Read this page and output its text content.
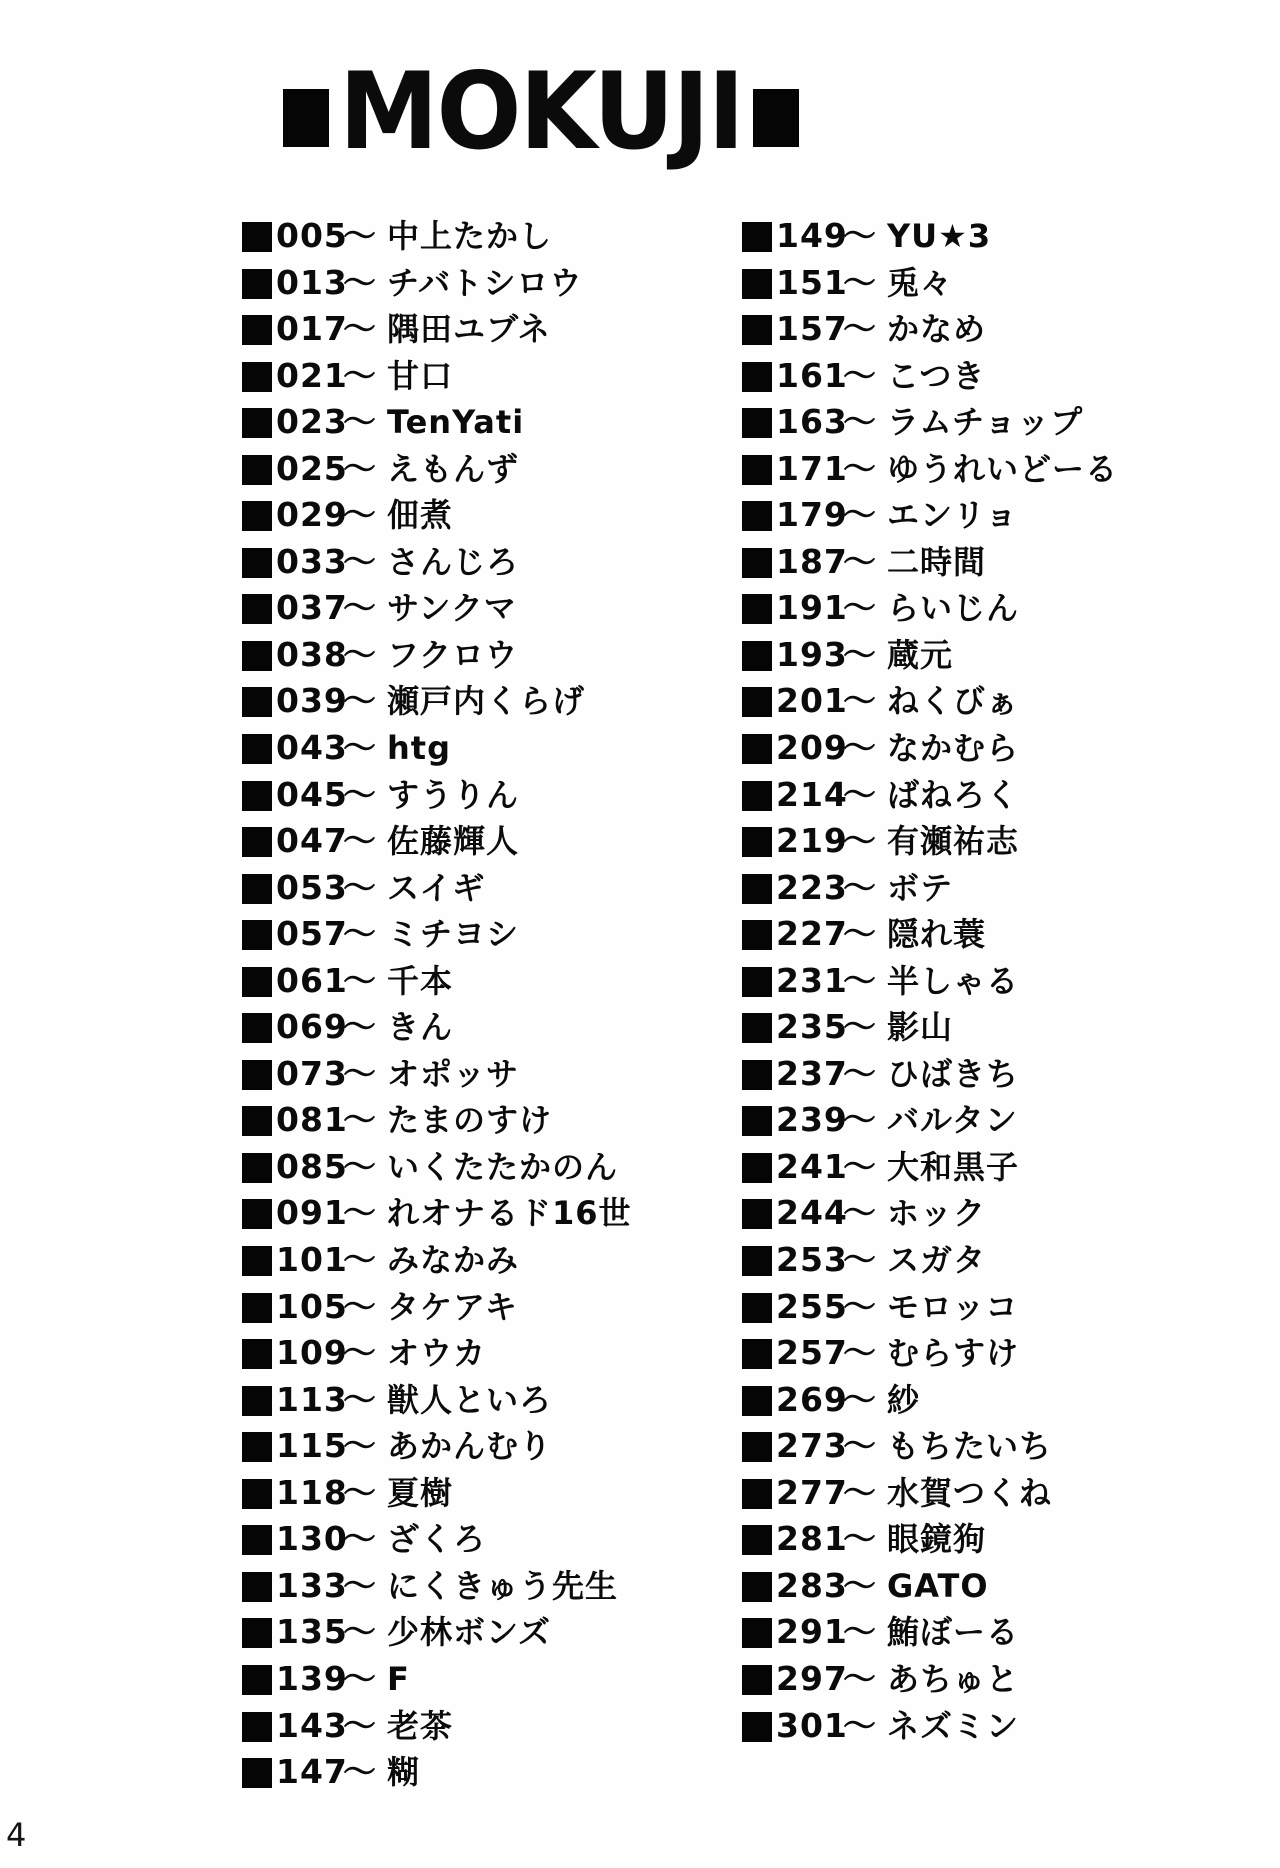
MOKUJI
005
～ 中上たかし
013
～ チバトシロウ
017
～ 隅田ユブネ
021
～ 甘口
023
～ TenYati
025
～ えもんず
029
～ 佃煮
033
～ さんじろ
037
～ サンクマ
038
～ フクロウ
039
～ 瀬戸内くらげ
043
～ htg
045
～ すうりん
047
～ 佐藤輝人
053
～ スイギ
057
～ ミチヨシ
061
～ 千本
069
～ きん
073
～ オポッサ
081
～ たまのすけ
085
～ いくたたかのん
091
～ れオナるド16世
101
～ みなかみ
105
～ タケアキ
109
～ オウカ
113
～ 獣人といろ
115
～ あかんむり
118
～ 夏樹
130
～ ざくろ
133
～ にくきゅう先生
135
～ 少林ボンズ
139
～ F
143
～ 老茶
147
～ 糊
149
～ YU★3
151
～ 兎々
157
～ かなめ
161
～ こつき
163
～ ラムチョップ
171
～ ゆうれいどーる
179
～ エンリョ
187
～ 二時間
191
～ らいじん
193
～ 蔵元
201
～ ねくびぁ
209
～ なかむら
214
～ ばねろく
219
～ 有瀬祐志
223
～ ボテ
227
～ 隠れ蓑
231
～ 半しゃる
235
～ 影山
237
～ ひばきち
239
～ バルタン
241
～ 大和黒子
244
～ ホック
253
～ スガタ
255
～ モロッコ
257
～ むらすけ
269
～ 紗
273
～ もちたいち
277
～ 水賀つくね
281
～ 眼鏡狗
283
～ GATO
291
～ 鮪ぼーる
297
～ あちゅと
301
～ ネズミン
4
